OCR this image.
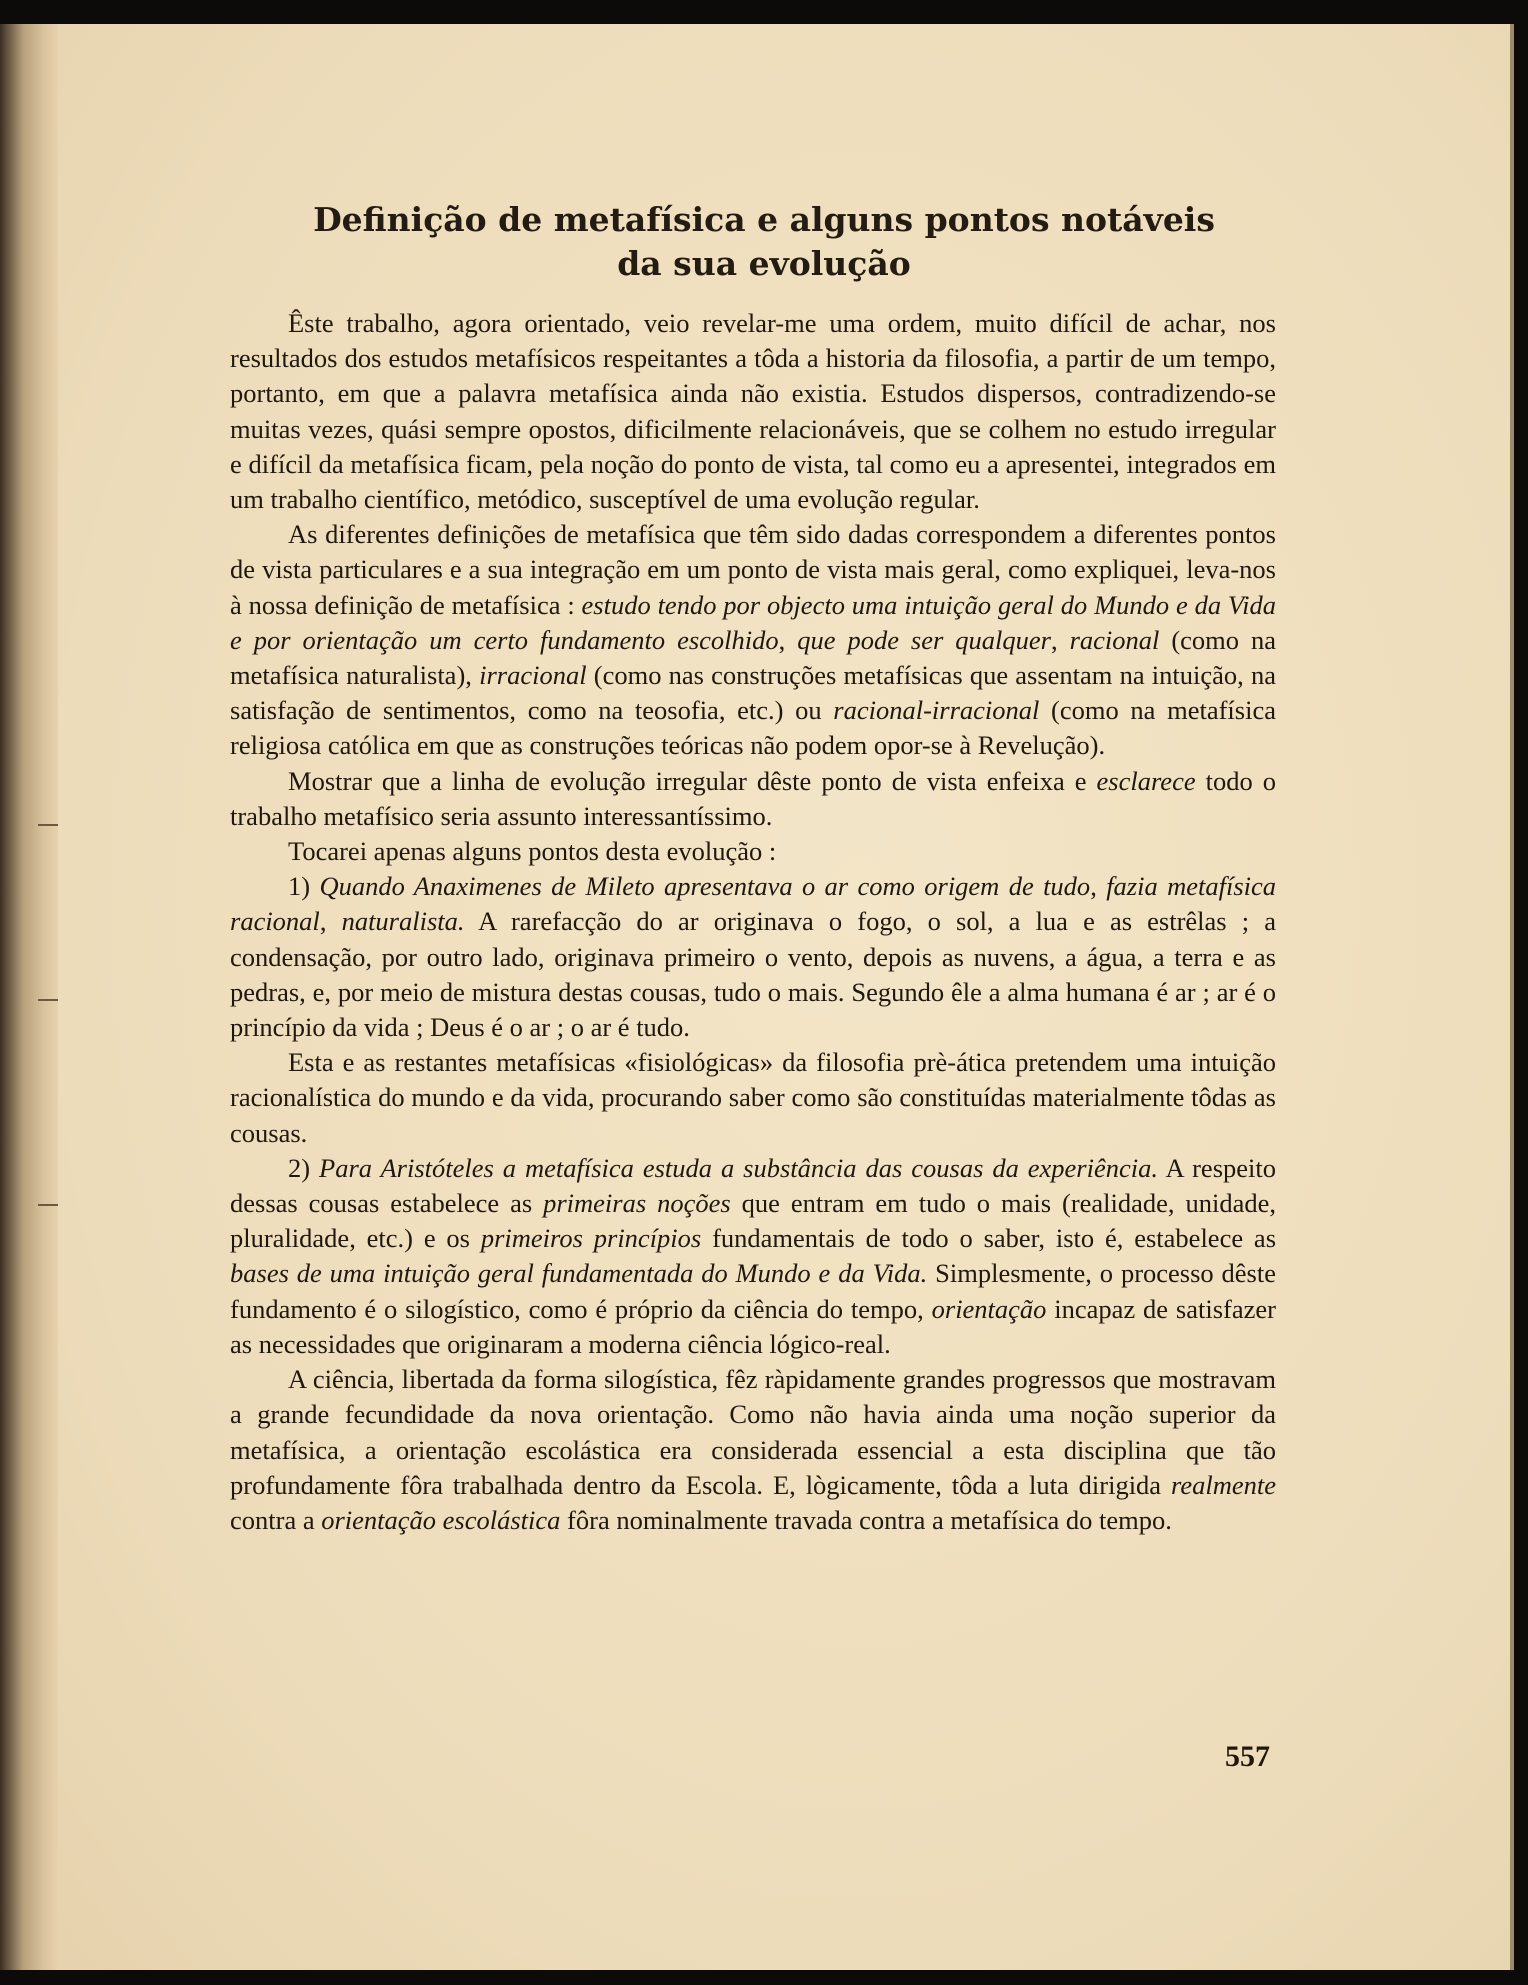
Definição de metafísica e alguns pontos notáveis
da sua evolução

Êste trabalho, agora orientado, veio revelar-me uma ordem, muito difícil de achar, nos resultados dos estudos metafísicos respeitantes a tôda a historia da filosofia, a partir de um tempo, portanto, em que a palavra metafísica ainda não existia. Estudos dispersos, contradizendo-se muitas vezes, quási sempre opostos, dificilmente relacionáveis, que se colhem no estudo irregular e difícil da metafísica ficam, pela noção do ponto de vista, tal como eu a apresentei, integrados em um trabalho científico, metódico, susceptível de uma evolução regular.

As diferentes definições de metafísica que têm sido dadas correspondem a diferentes pontos de vista particulares e a sua integração em um ponto de vista mais geral, como expliquei, leva-nos à nossa definição de metafísica : estudo tendo por objecto uma intuição geral do Mundo e da Vida e por orientação um certo fundamento escolhido, que pode ser qualquer, racional (como na metafísica naturalista), irracional (como nas construções metafísicas que assentam na intuição, na satisfação de sentimentos, como na teosofia, etc.) ou racional-irracional (como na metafísica religiosa católica em que as construções teóricas não podem opor-se à Revelução).

Mostrar que a linha de evolução irregular dêste ponto de vista enfeixa e esclarece todo o trabalho metafísico seria assunto interessantíssimo.

Tocarei apenas alguns pontos desta evolução :

1) Quando Anaximenes de Mileto apresentava o ar como origem de tudo, fazia metafísica racional, naturalista. A rarefacção do ar originava o fogo, o sol, a lua e as estrêlas ; a condensação, por outro lado, originava primeiro o vento, depois as nuvens, a água, a terra e as pedras, e, por meio de mistura destas cousas, tudo o mais. Segundo êle a alma humana é ar ; ar é o princípio da vida ; Deus é o ar ; o ar é tudo.

Esta e as restantes metafísicas «fisiológicas» da filosofia prè-ática pretendem uma intuição racionalística do mundo e da vida, procurando saber como são constituídas materialmente tôdas as cousas.

2) Para Aristóteles a metafísica estuda a substância das cousas da experiência. A respeito dessas cousas estabelece as primeiras noções que entram em tudo o mais (realidade, unidade, pluralidade, etc.) e os primeiros princípios fundamentais de todo o saber, isto é, estabelece as bases de uma intuição geral fundamentada do Mundo e da Vida. Simplesmente, o processo dêste fundamento é o silogístico, como é próprio da ciência do tempo, orientação incapaz de satisfazer as necessidades que originaram a moderna ciência lógico-real.

A ciência, libertada da forma silogística, fêz ràpidamente grandes progressos que mostravam a grande fecundidade da nova orientação. Como não havia ainda uma noção superior da metafísica, a orientação escolástica era considerada essencial a esta disciplina que tão profundamente fôra trabalhada dentro da Escola. E, lògicamente, tôda a luta dirigida realmente contra a orientação escolástica fôra nominalmente travada contra a metafísica do tempo.

557
